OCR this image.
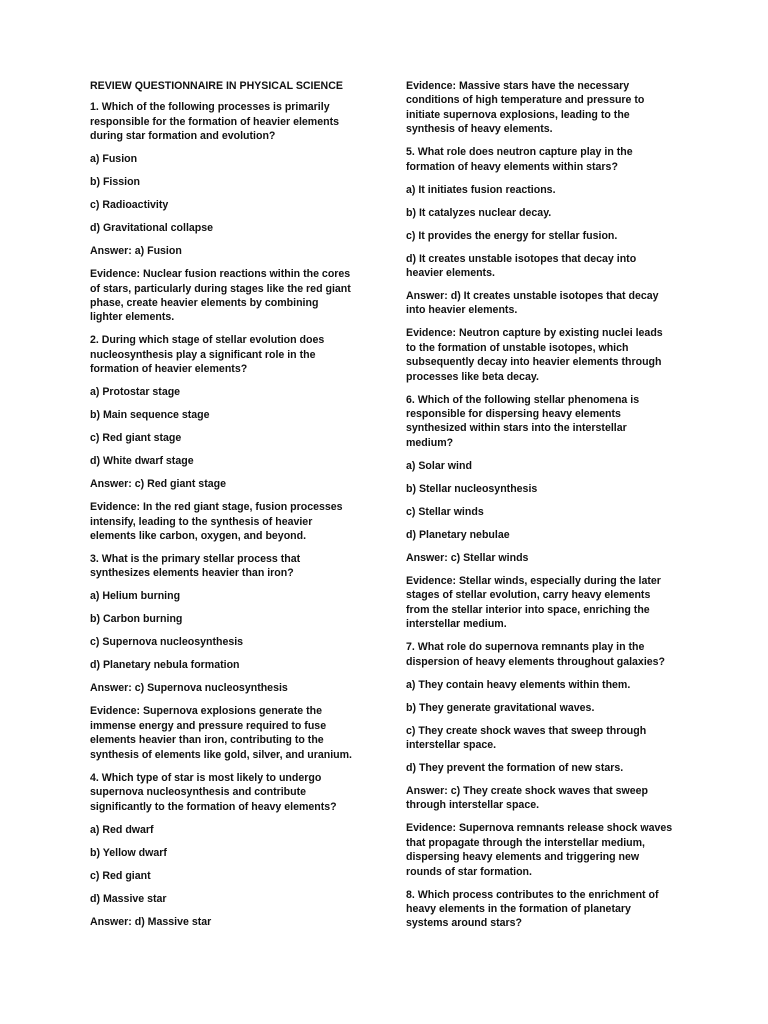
REVIEW QUESTIONNAIRE IN PHYSICAL SCIENCE

1. Which of the following processes is primarily
responsible for the formation of heavier elements
during star formation and evolution?

a) Fusion

b) Fission

c) Radioactivity

d) Gravitational collapse

Answer: a) Fusion

Evidence: Nuclear fusion reactions within the cores
of stars, particularly during stages like the red giant
phase, create heavier elements by combining
lighter elements.

2. During which stage of stellar evolution does
nucleosynthesis play a significant role in the
formation of heavier elements?

a) Protostar stage

b) Main sequence stage

c) Red giant stage

d) White dwarf stage

Answer: c) Red giant stage

Evidence: In the red giant stage, fusion processes
intensify, leading to the synthesis of heavier
elements like carbon, oxygen, and beyond.

3. What is the primary stellar process that
synthesizes elements heavier than iron?

a) Helium burning

b) Carbon burning

c) Supernova nucleosynthesis

d) Planetary nebula formation

Answer: c) Supernova nucleosynthesis

Evidence: Supernova explosions generate the
immense energy and pressure required to fuse
elements heavier than iron, contributing to the
synthesis of elements like gold, silver, and uranium.

4. Which type of star is most likely to undergo
supernova nucleosynthesis and contribute
significantly to the formation of heavy elements?

a) Red dwarf

b) Yellow dwarf

c) Red giant

d) Massive star

Answer: d) Massive star

Evidence: Massive stars have the necessary
conditions of high temperature and pressure to
initiate supernova explosions, leading to the
synthesis of heavy elements.

5. What role does neutron capture play in the
formation of heavy elements within stars?

a) It initiates fusion reactions.

b) It catalyzes nuclear decay.

c) It provides the energy for stellar fusion.

d) It creates unstable isotopes that decay into
heavier elements.

Answer: d) It creates unstable isotopes that decay
into heavier elements.

Evidence: Neutron capture by existing nuclei leads
to the formation of unstable isotopes, which
subsequently decay into heavier elements through
processes like beta decay.

6. Which of the following stellar phenomena is
responsible for dispersing heavy elements
synthesized within stars into the interstellar
medium?

a) Solar wind

b) Stellar nucleosynthesis

c) Stellar winds

d) Planetary nebulae

Answer: c) Stellar winds

Evidence: Stellar winds, especially during the later
stages of stellar evolution, carry heavy elements
from the stellar interior into space, enriching the
interstellar medium.

7. What role do supernova remnants play in the
dispersion of heavy elements throughout galaxies?

a) They contain heavy elements within them.

b) They generate gravitational waves.

c) They create shock waves that sweep through
interstellar space.

d) They prevent the formation of new stars.

Answer: c) They create shock waves that sweep
through interstellar space.

Evidence: Supernova remnants release shock waves
that propagate through the interstellar medium,
dispersing heavy elements and triggering new
rounds of star formation.

8. Which process contributes to the enrichment of
heavy elements in the formation of planetary
systems around stars?
